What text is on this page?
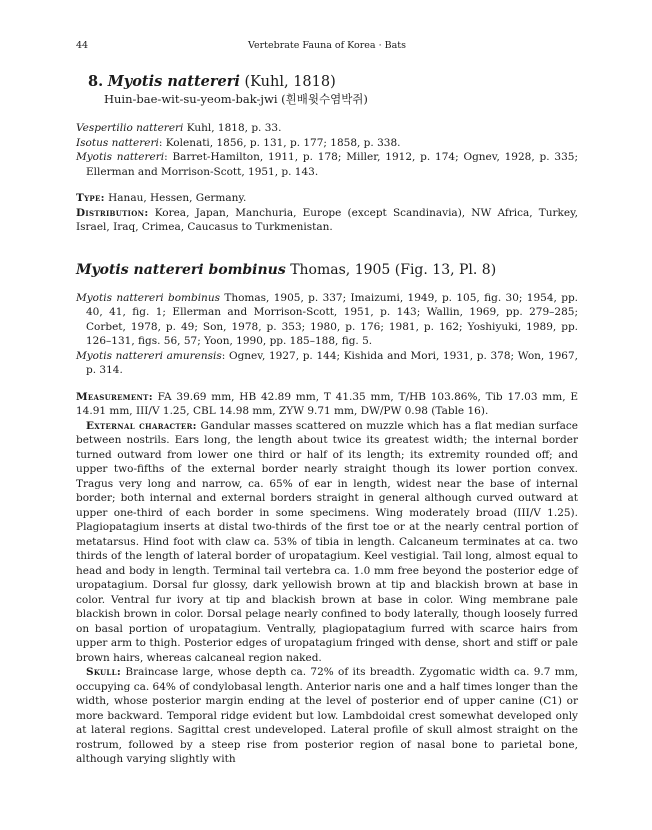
44	Vertebrate Fauna of Korea · Bats
8. Myotis nattereri (Kuhl, 1818)
Huin-bae-wit-su-yeom-bak-jwi (흰배윗수염박쥐)

Vespertilio nattereri Kuhl, 1818, p. 33.

Isotus nattereri: Kolenati, 1856, p. 131, p. 177; 1858, p. 338.

Myotis nattereri: Barret-Hamilton, 1911, p. 178; Miller, 1912, p. 174; Ognev, 1928, p. 335; Ellerman and Morrison-Scott, 1951, p. 143.

Type: Hanau, Hessen, Germany.

Distribution: Korea, Japan, Manchuria, Europe (except Scandinavia), NW Africa, Turkey, Israel, Iraq, Crimea, Caucasus to Turkmenistan.

Myotis nattereri bombinus Thomas, 1905 (Fig. 13, Pl. 8)

Myotis nattereri bombinus Thomas, 1905, p. 337; Imaizumi, 1949, p. 105, fig. 30; 1954, pp. 40, 41, fig. 1; Ellerman and Morrison-Scott, 1951, p. 143; Wallin, 1969, pp. 279–285; Corbet, 1978, p. 49; Son, 1978, p. 353; 1980, p. 176; 1981, p. 162; Yoshiyuki, 1989, pp. 126–131, figs. 56, 57; Yoon, 1990, pp. 185–188, fig. 5.

Myotis nattereri amurensis: Ognev, 1927, p. 144; Kishida and Mori, 1931, p. 378; Won, 1967, p. 314.

Measurement: FA 39.69 mm, HB 42.89 mm, T 41.35 mm, T/HB 103.86%, Tib 17.03 mm, E 14.91 mm, III/V 1.25, CBL 14.98 mm, ZYW 9.71 mm, DW/PW 0.98 (Table 16).

External character: Gandular masses scattered on muzzle which has a flat median surface between nostrils. Ears long, the length about twice its greatest width; the internal border turned outward from lower one third or half of its length; its extremity rounded off; and upper two-fifths of the external border nearly straight though its lower portion convex. Tragus very long and narrow, ca. 65% of ear in length, widest near the base of internal border; both internal and external borders straight in general although curved outward at upper one-third of each border in some specimens. Wing moderately broad (III/V 1.25). Plagiopatagium inserts at distal two-thirds of the first toe or at the nearly central portion of metatarsus. Hind foot with claw ca. 53% of tibia in length. Calcaneum terminates at ca. two thirds of the length of lateral border of uropatagium. Keel vestigial. Tail long, almost equal to head and body in length. Terminal tail vertebra ca. 1.0 mm free beyond the posterior edge of uropatagium. Dorsal fur glossy, dark yellowish brown at tip and blackish brown at base in color. Ventral fur ivory at tip and blackish brown at base in color. Wing membrane pale blackish brown in color. Dorsal pelage nearly confined to body laterally, though loosely furred on basal portion of uropatagium. Ventrally, plagiopatagium furred with scarce hairs from upper arm to thigh. Posterior edges of uropatagium fringed with dense, short and stiff or pale brown hairs, whereas calcaneal region naked.

Skull: Braincase large, whose depth ca. 72% of its breadth. Zygomatic width ca. 9.7 mm, occupying ca. 64% of condylobasal length. Anterior naris one and a half times longer than the width, whose posterior margin ending at the level of posterior end of upper canine (C1) or more backward. Temporal ridge evident but low. Lambdoidal crest somewhat developed only at lateral regions. Sagittal crest undeveloped. Lateral profile of skull almost straight on the rostrum, followed by a steep rise from posterior region of nasal bone to parietal bone, although varying slightly with
